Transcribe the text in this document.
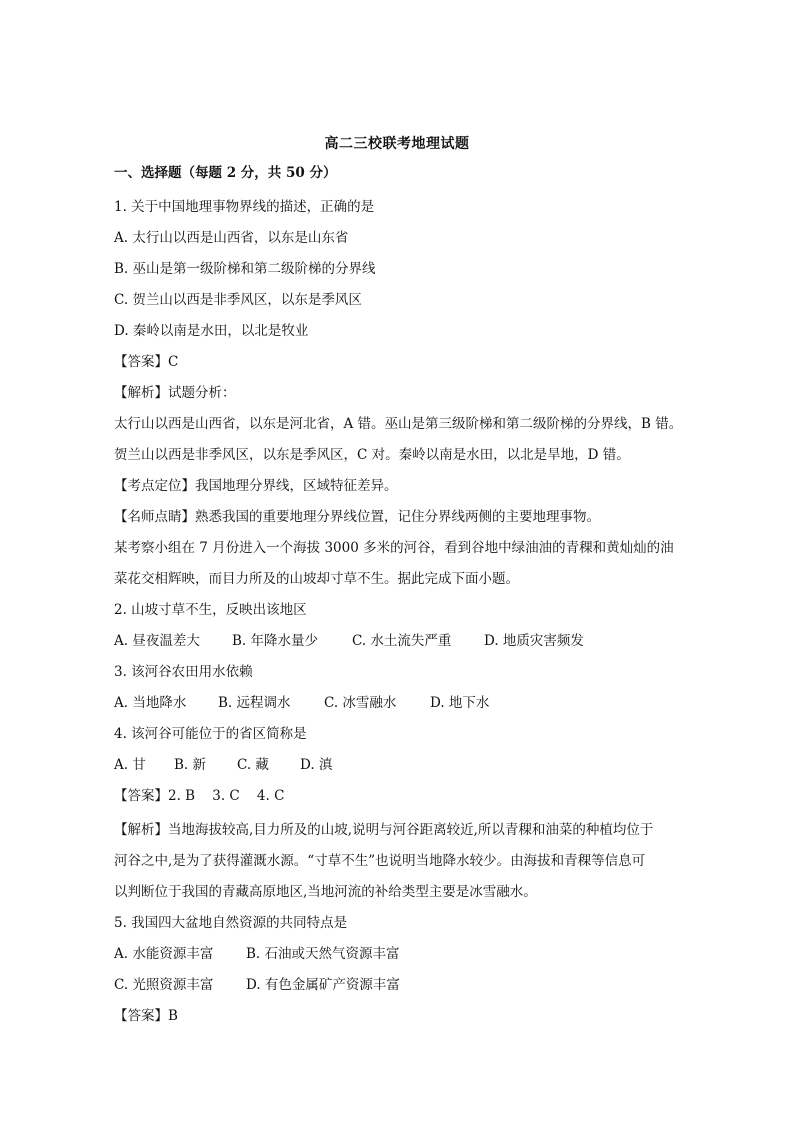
高二三校联考地理试题
一、选择题（每题 2 分，共 50 分）
1. 关于中国地理事物界线的描述，正确的是
A. 太行山以西是山西省，以东是山东省
B. 巫山是第一级阶梯和第二级阶梯的分界线
C. 贺兰山以西是非季风区，以东是季风区
D. 秦岭以南是水田，以北是牧业
【答案】C
【解析】试题分析：
太行山以西是山西省，以东是河北省，A 错。巫山是第三级阶梯和第二级阶梯的分界线，B 错。
贺兰山以西是非季风区，以东是季风区，C 对。秦岭以南是水田，以北是旱地，D 错。
【考点定位】我国地理分界线，区域特征差异。
【名师点睛】熟悉我国的重要地理分界线位置，记住分界线两侧的主要地理事物。
某考察小组在 7 月份进入一个海拔 3000 多米的河谷，看到谷地中绿油油的青稞和黄灿灿的油
菜花交相辉映，而目力所及的山坡却寸草不生。据此完成下面小题。
2. 山坡寸草不生，反映出该地区
A. 昼夜温差大 B. 年降水量少	C. 水土流失严重 D. 地质灾害频发
3. 该河谷农田用水依赖
A. 当地降水 B. 远程调水 C. 冰雪融水 D. 地下水
4. 该河谷可能位于的省区简称是
A. 甘 B. 新 C. 藏 D. 滇
【答案】2. B    3. C    4. C
【解析】当地海拔较高,目力所及的山坡,说明与河谷距离较近,所以青稞和油菜的种植均位于
河谷之中,是为了获得灌溉水源。“寸草不生”也说明当地降水较少。由海拔和青稞等信息可
以判断位于我国的青藏高原地区,当地河流的补给类型主要是冰雪融水。
5. 我国四大盆地自然资源的共同特点是
A. 水能资源丰富 B. 石油或天然气资源丰富
C. 光照资源丰富 D. 有色金属矿产资源丰富
【答案】B
